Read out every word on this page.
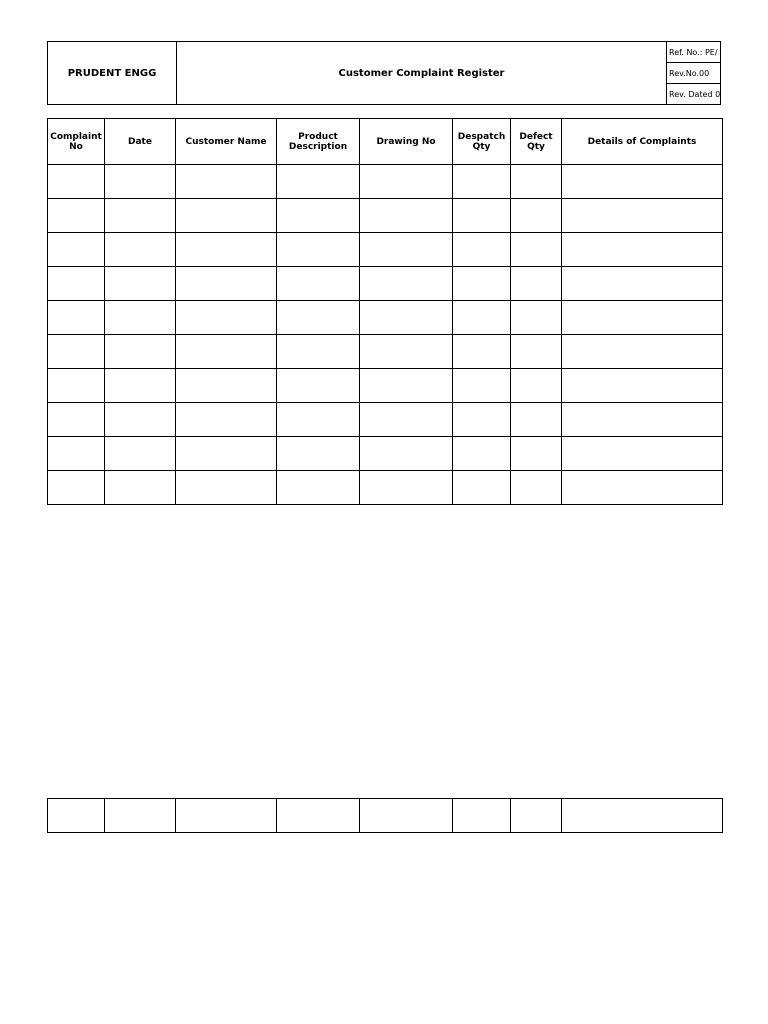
PRUDENT ENGG	Customer Complaint Register
Ref. No.: PE/
Rev.No.00
Rev. Dated 0
Complaint No	Date	Customer Name	Product Description	Drawing No	Despatch Qty	Defect Qty	Details of Complaints
